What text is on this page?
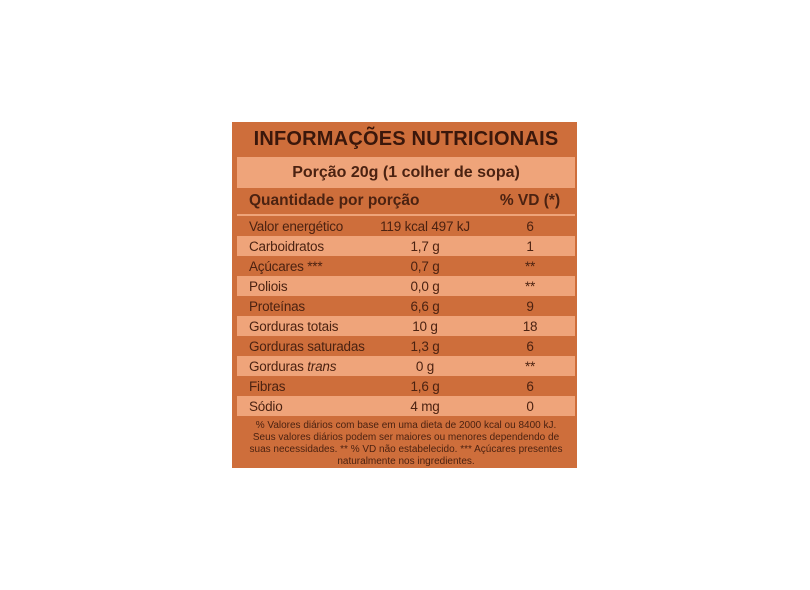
INFORMAÇÕES NUTRICIONAIS
Porção 20g (1 colher de sopa)
Quantidade por porção	% VD (*)
Valor energético	119 kcal 497 kJ	6
Carboidratos	1,7 g	1
Açúcares ***	0,7 g	**
Poliois	0,0 g	**
Proteínas	6,6 g	9
Gorduras totais	10 g	18
Gorduras saturadas	1,3 g	6
Gorduras trans	0 g	**
Fibras	1,6 g	6
Sódio	4 mg	0
% Valores diários com base em uma dieta de 2000 kcal ou 8400 kJ.
Seus valores diários podem ser maiores ou menores dependendo de
suas necessidades. ** % VD não estabelecido. *** Açúcares presentes
naturalmente nos ingredientes.
